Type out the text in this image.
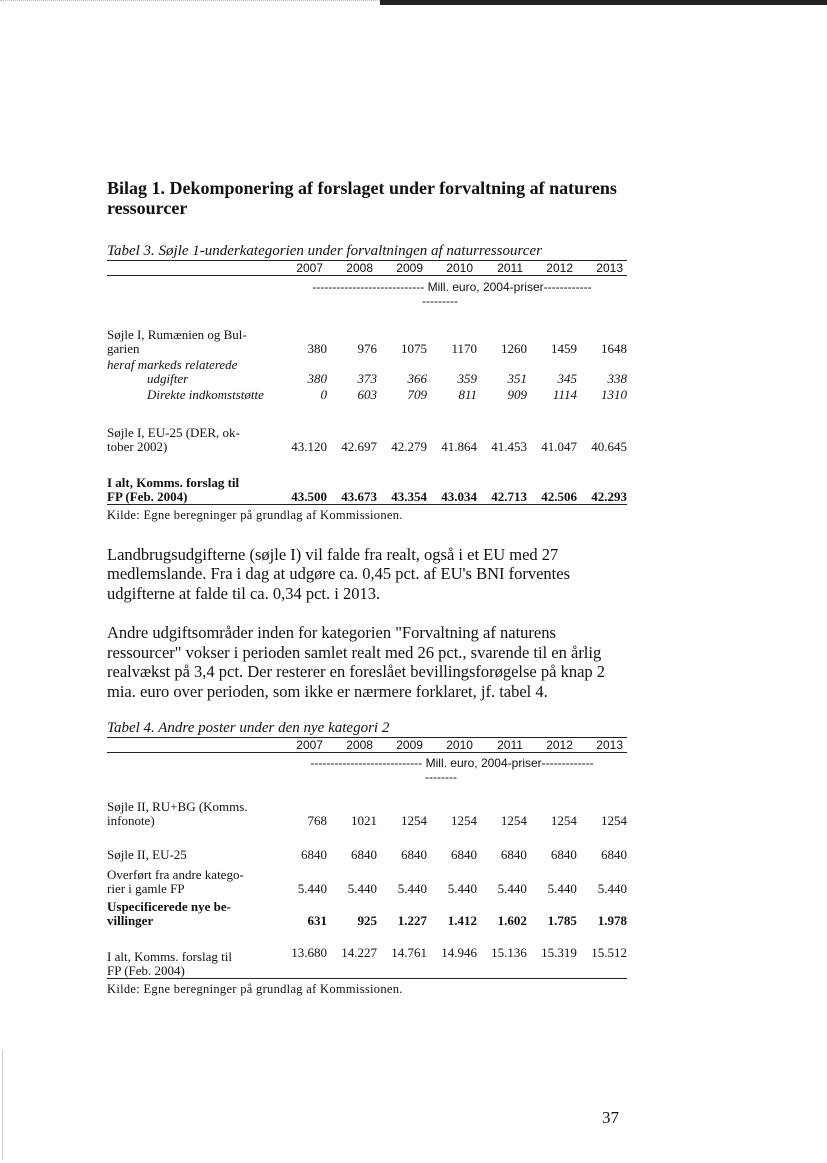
Bilag 1. Dekomponering af forslaget under forvaltning af naturens ressourcer
Tabel 3. Søjle 1-underkategorien under forvaltningen af naturressourcer
	2007	2008	2009	2010	2011	2012	2013

	---------------------------- Mill. euro, 2004-priser------------
---------						

Søjle I, Rumænien og Bul-
garien	380	976	1075	1170	1260	1459	1648
heraf markeds relaterede
udgifter	380	373	366	359	351	345	338
Direkte indkomststøtte	0	603	709	811	909	1114	1310
Søjle I, EU-25 (DER, ok-
tober 2002)	43.120	42.697	42.279	41.864	41.453	41.047	40.645
I alt, Komms. forslag til
FP (Feb. 2004)	43.500	43.673	43.354	43.034	42.713	42.506	42.293
Kilde: Egne beregninger på grundlag af Kommissionen.

Landbrugsudgifterne (søjle I) vil falde fra realt, også i et EU med 27 medlemslande. Fra i dag at udgøre ca. 0,45 pct. af EU's BNI forventes udgifterne at falde til ca. 0,34 pct. i 2013.

Andre udgiftsområder inden for kategorien "Forvaltning af naturens ressourcer" vokser i perioden samlet realt med 26 pct., svarende til en årlig realvækst på 3,4 pct. Der resterer en foreslået bevillingsforøgelse på knap 2 mia. euro over perioden, som ikke er nærmere forklaret, jf. tabel 4.

Tabel 4. Andre poster under den nye kategori 2
	2007	2008	2009	2010	2011	2012	2013

	---------------------------- Mill. euro, 2004-priser-------------
--------						

Søjle II, RU+BG (Komms.
infonote)	768	1021	1254	1254	1254	1254	1254
Søjle II, EU-25	6840	6840	6840	6840	6840	6840	6840
Overført fra andre katego-
rier i gamle FP	5.440	5.440	5.440	5.440	5.440	5.440	5.440
Uspecificerede nye be-
villinger	631	925	1.227	1.412	1.602	1.785	1.978
I alt, Komms. forslag til
FP (Feb. 2004)	13.680	14.227	14.761	14.946	15.136	15.319	15.512
Kilde: Egne beregninger på grundlag af Kommissionen.
37
